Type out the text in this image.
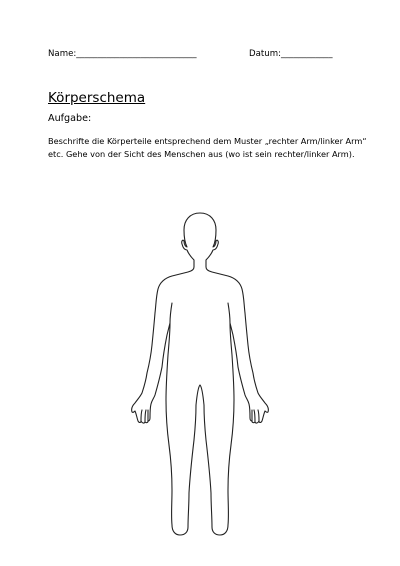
Name:____________________________	Datum:____________
Körperschema
Aufgabe:
Beschrifte die Körperteile entsprechend dem Muster „rechter Arm/linker Arm“ etc. Gehe von der Sicht des Menschen aus (wo ist sein rechter/linker Arm).
